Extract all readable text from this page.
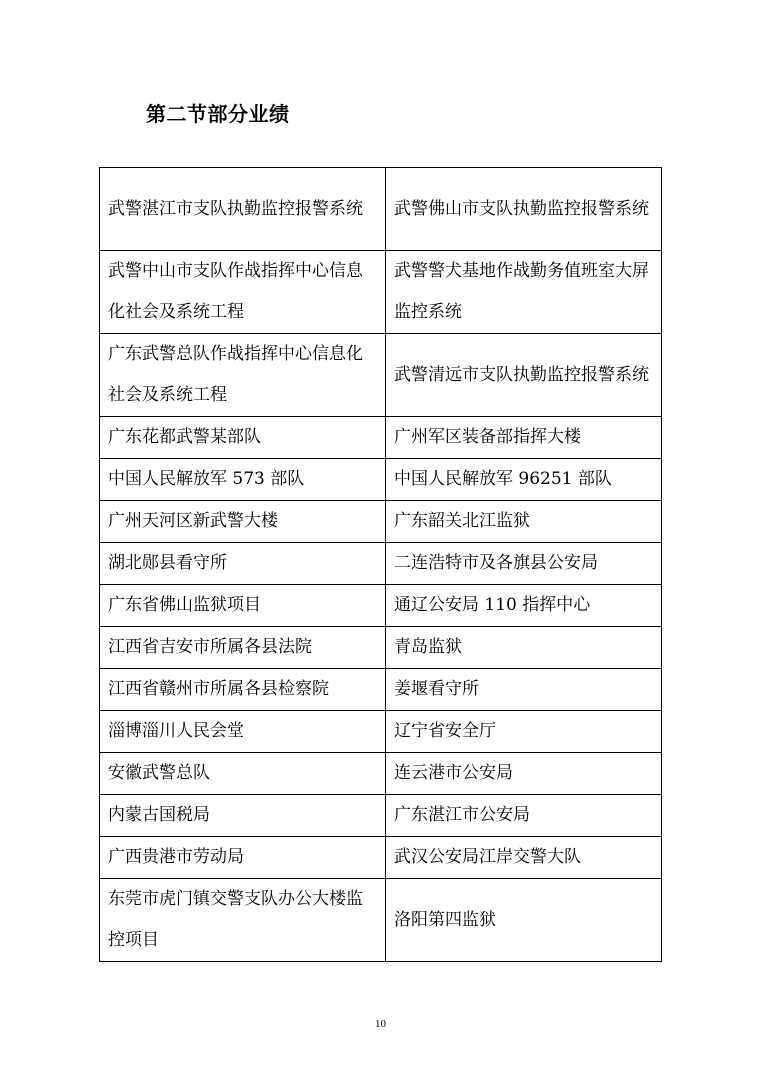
第二节部分业绩
武警湛江市支队执勤监控报警系统	武警佛山市支队执勤监控报警系统
武警中山市支队作战指挥中心信息化社会及系统工程	武警警犬基地作战勤务值班室大屏监控系统
广东武警总队作战指挥中心信息化社会及系统工程	武警清远市支队执勤监控报警系统
广东花都武警某部队	广州军区装备部指挥大楼
中国人民解放军 573 部队	中国人民解放军 96251 部队
广州天河区新武警大楼	广东韶关北江监狱
湖北郧县看守所	二连浩特市及各旗县公安局
广东省佛山监狱项目	通辽公安局 110 指挥中心
江西省吉安市所属各县法院	青岛监狱
江西省赣州市所属各县检察院	姜堰看守所
淄博淄川人民会堂	辽宁省安全厅
安徽武警总队	连云港市公安局
内蒙古国税局	广东湛江市公安局
广西贵港市劳动局	武汉公安局江岸交警大队
东莞市虎门镇交警支队办公大楼监控项目	洛阳第四监狱
10
